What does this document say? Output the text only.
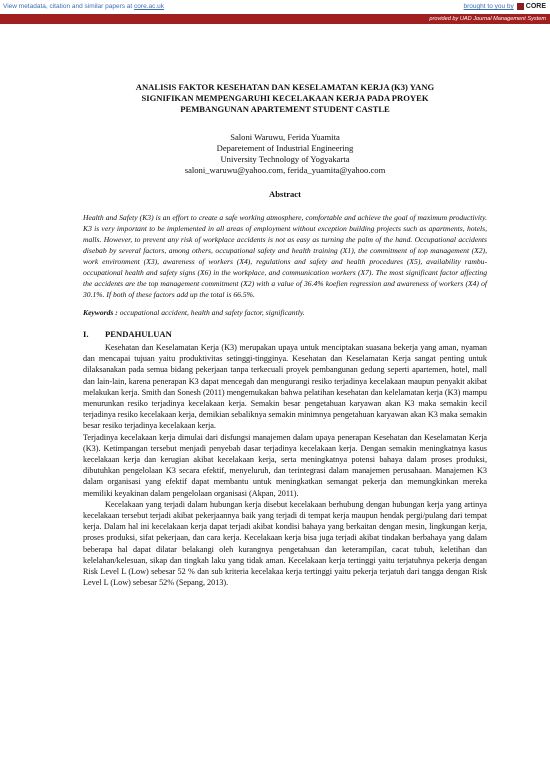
View metadata, citation and similar papers at core.ac.uk	brought to you by CORE
provided by UAD Journal Management System
ANALISIS FAKTOR KESEHATAN DAN KESELAMATAN KERJA (K3) YANG
SIGNIFIKAN MEMPENGARUHI KECELAKAAN KERJA PADA PROYEK
PEMBANGUNAN APARTEMENT STUDENT CASTLE
Saloni Waruwu, Ferida Yuamita
Deparetement of Industrial Engineering
University Technology of Yogyakarta
saloni_waruwu@yahoo.com, ferida_yuamita@yahoo.com
Abstract
Health and Safety (K3) is an effort to create a safe working atmosphere, comfortable and achieve the goal of maximum productivity. K3 is very important to be implemented in all areas of employment without exception building projects such as apartments, hotels, malls. However, to prevent any risk of workplace accidents is not as easy as turning the palm of the hand. Occupational accidents disebab by several factors, among others, occupational safety and health training (X1), the commitment of top management (X2), work environment (X3), awareness of workers (X4), regulations and safety and health procedures (X5), availability rambu- occupational health and safety signs (X6) in the workplace, and communication workers (X7). The most significant factor affecting the accidents are the top management commitment (X2) with a value of 36.4% koefien regression and awareness of workers (X4) of 30.1%. If both of these factors add up the total is 66.5%.
Keywords : occupational accident, health and safety factor, significantly.
I. PENDAHULUAN

Kesehatan dan Keselamatan Kerja (K3) merupakan upaya untuk menciptakan suasana bekerja yang aman, nyaman dan mencapai tujuan yaitu produktivitas setinggi-tingginya. Kesehatan dan Keselamatan Kerja sangat penting untuk dilaksanakan pada semua bidang pekerjaan tanpa terkecuali proyek pembangunan gedung seperti apartemen, hotel, mall dan lain-lain, karena penerapan K3 dapat mencegah dan mengurangi resiko terjadinya kecelakaan maupun penyakit akibat melakukan kerja. Smith dan Sonesh (2011) mengemukakan bahwa pelatihan kesehatan dan kelelamatan kerja (K3) mampu menurunkan resiko terjadinya kecelakaan kerja. Semakin besar pengetahuan karyawan akan K3 maka semakin kecil terjadinya resiko kecelakaan kerja, demikian sebaliknya semakin minimnya pengetahuan karyawan akan K3 maka semakin besar resiko terjadinya kecelakaan kerja.

Terjadinya kecelakaan kerja dimulai dari disfungsi manajemen dalam upaya penerapan Kesehatan dan Keselamatan Kerja (K3). Ketimpangan tersebut menjadi penyebab dasar terjadinya kecelakaan kerja. Dengan semakin meningkatnya kasus kecelakaan kerja dan kerugian akibat kecelakaan kerja, serta meningkatnya potensi bahaya dalam proses produksi, dibutuhkan pengelolaan K3 secara efektif, menyeluruh, dan terintegrasi dalam manajemen perusahaan. Manajemen K3 dalam organisasi yang efektif dapat membantu untuk meningkatkan semangat pekerja dan memungkinkan mereka memiliki keyakinan dalam pengelolaan organisasi (Akpan, 2011).

Kecelakaan yang terjadi dalam hubungan kerja disebut kecelakaan berhubung dengan hubungan kerja yang artinya kecelakaan tersebut terjadi akibat pekerjaannya baik yang terjadi di tempat kerja maupun hendak pergi/pulang dari tempat kerja. Dalam hal ini kecelakaan kerja dapat terjadi akibat kondisi bahaya yang berkaitan dengan mesin, lingkungan kerja, proses produksi, sifat pekerjaan, dan cara kerja. Kecelakaan kerja bisa juga terjadi akibat tindakan berbahaya yang dalam beberapa hal dapat dilatar belakangi oleh kurangnya pengetahuan dan keterampilan, cacat tubuh, keletihan dan kelelahan/kelesuan, sikap dan tingkah laku yang tidak aman. Kecelakaan kerja tertinggi yaitu terjatuhnya pekerja dengan Risk Level L (Low) sebesar 52 % dan sub kriteria kecelakaa kerja tertinggi yaitu pekerja terjatuh dari tangga dengan Risk Level L (Low) sebesar 52% (Sepang, 2013).
